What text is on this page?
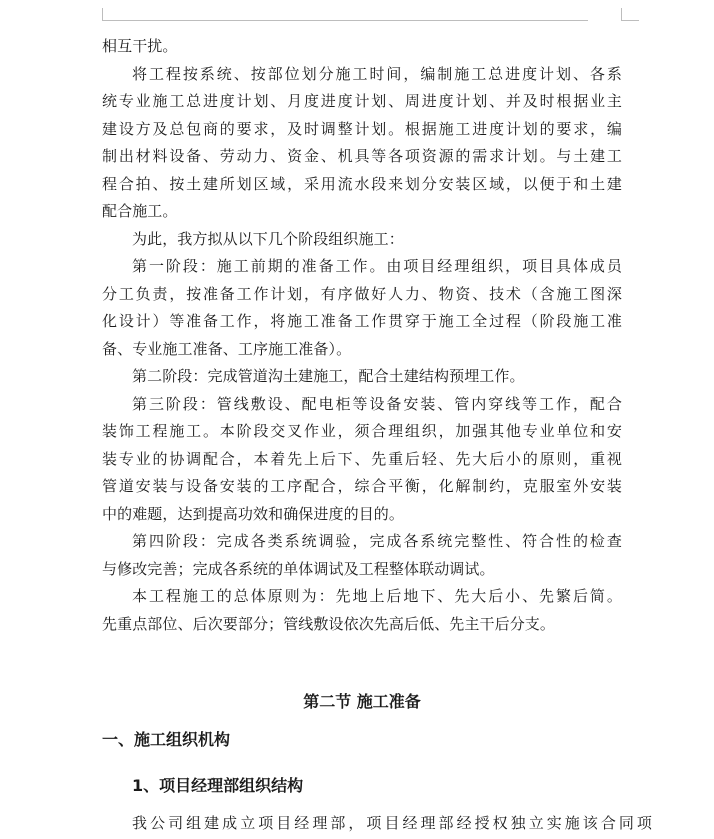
相互干扰。
将工程按系统、按部位划分施工时间，编制施工总进度计划、各系
统专业施工总进度计划、月度进度计划、周进度计划、并及时根据业主
建设方及总包商的要求，及时调整计划。根据施工进度计划的要求，编
制出材料设备、劳动力、资金、机具等各项资源的需求计划。与土建工
程合拍、按土建所划区域，采用流水段来划分安装区域，以便于和土建
配合施工。
为此，我方拟从以下几个阶段组织施工：
第一阶段：施工前期的准备工作。由项目经理组织，项目具体成员
分工负责，按准备工作计划，有序做好人力、物资、技术（含施工图深
化设计）等准备工作，将施工准备工作贯穿于施工全过程（阶段施工准
备、专业施工准备、工序施工准备）。
第二阶段：完成管道沟土建施工，配合土建结构预埋工作。
第三阶段：管线敷设、配电柜等设备安装、管内穿线等工作，配合
装饰工程施工。本阶段交叉作业，须合理组织，加强其他专业单位和安
装专业的协调配合，本着先上后下、先重后轻、先大后小的原则，重视
管道安装与设备安装的工序配合，综合平衡，化解制约，克服室外安装
中的难题，达到提高功效和确保进度的目的。
第四阶段：完成各类系统调验，完成各系统完整性、符合性的检查
与修改完善；完成各系统的单体调试及工程整体联动调试。
本工程施工的总体原则为：先地上后地下、先大后小、先繁后简。
先重点部位、后次要部分；管线敷设依次先高后低、先主干后分支。
第二节 施工准备
一、施工组织机构
1、项目经理部组织结构
我公司组建成立项目经理部，项目经理部经授权独立实施该合同项
